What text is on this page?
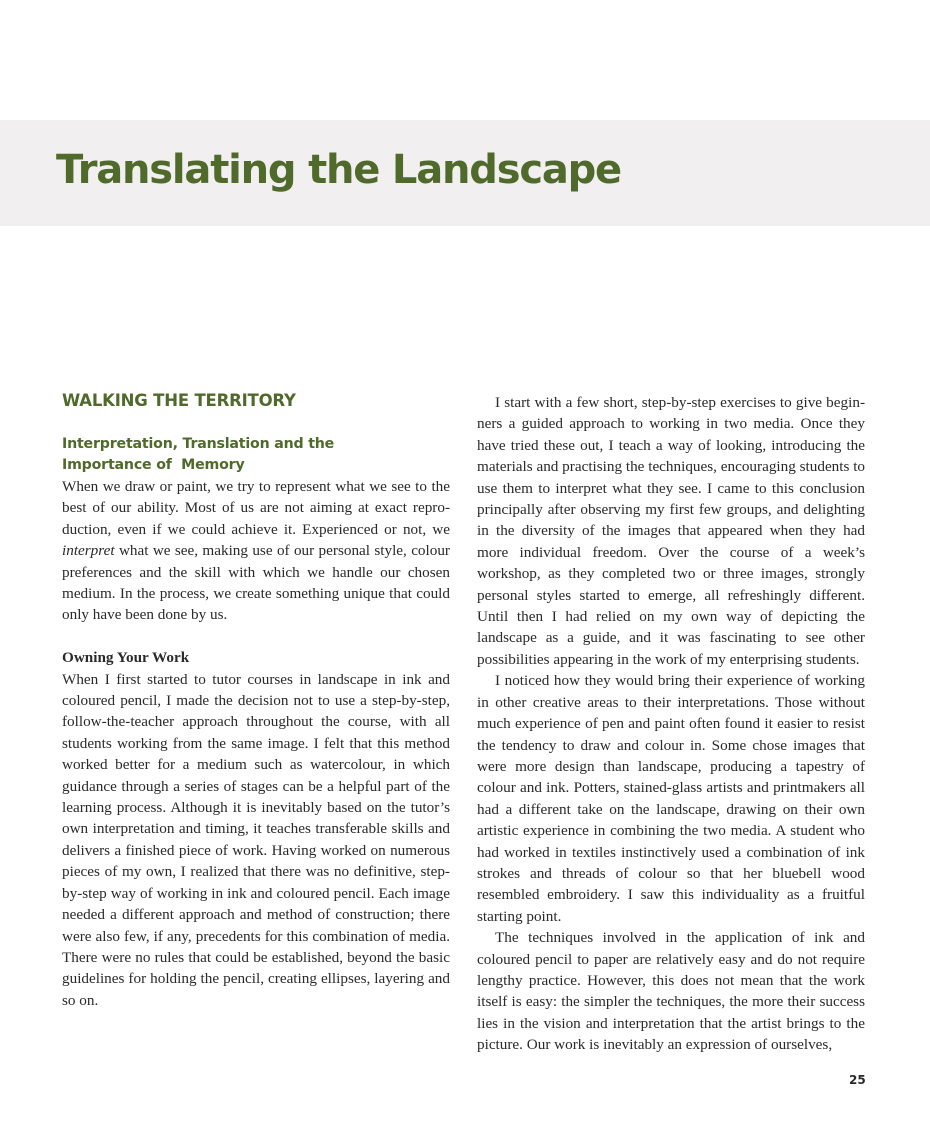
Translating the Landscape
WALKING THE TERRITORY
Interpretation, Translation and the Importance of  Memory

When we draw or paint, we try to represent what we see to the best of our ability. Most of us are not aiming at exact reproduction, even if we could achieve it. Experienced or not, we interpret what we see, making use of our personal style, colour preferences and the skill with which we handle our chosen medium. In the process, we create something unique that could only have been done by us.

Owning Your Work

When I first started to tutor courses in landscape in ink and coloured pencil, I made the decision not to use a step-by-step, follow-the-teacher approach throughout the course, with all students working from the same image. I felt that this method worked better for a medium such as watercolour, in which guidance through a series of stages can be a helpful part of the learning process. Although it is inevitably based on the tutor’s own interpretation and timing, it teaches transferable skills and delivers a finished piece of work. Having worked on numerous pieces of my own, I realized that there was no definitive, step-by-step way of working in ink and coloured pencil. Each image needed a different approach and method of construction; there were also few, if any, precedents for this combination of media. There were no rules that could be established, beyond the basic guidelines for holding the pencil, creating ellipses, layering and so on.

I start with a few short, step-by-step exercises to give beginners a guided approach to working in two media. Once they have tried these out, I teach a way of looking, introducing the materials and practising the techniques, encouraging students to use them to interpret what they see. I came to this conclusion principally after observing my first few groups, and delighting in the diversity of the images that appeared when they had more individual freedom. Over the course of a week’s workshop, as they completed two or three images, strongly personal styles started to emerge, all refreshingly different. Until then I had relied on my own way of depicting the landscape as a guide, and it was fascinating to see other possibilities appearing in the work of my enterprising students.

I noticed how they would bring their experience of working in other creative areas to their interpretations. Those without much experience of pen and paint often found it easier to resist the tendency to draw and colour in. Some chose images that were more design than landscape, producing a tapestry of colour and ink. Potters, stained-glass artists and printmakers all had a different take on the landscape, drawing on their own artistic experience in combining the two media. A student who had worked in textiles instinctively used a combination of ink strokes and threads of colour so that her bluebell wood resembled embroidery. I saw this individuality as a fruitful starting point.

The techniques involved in the application of ink and coloured pencil to paper are relatively easy and do not require lengthy practice. However, this does not mean that the work itself is easy: the simpler the techniques, the more their success lies in the vision and interpretation that the artist brings to the picture. Our work is inevitably an expression of ourselves,

25
